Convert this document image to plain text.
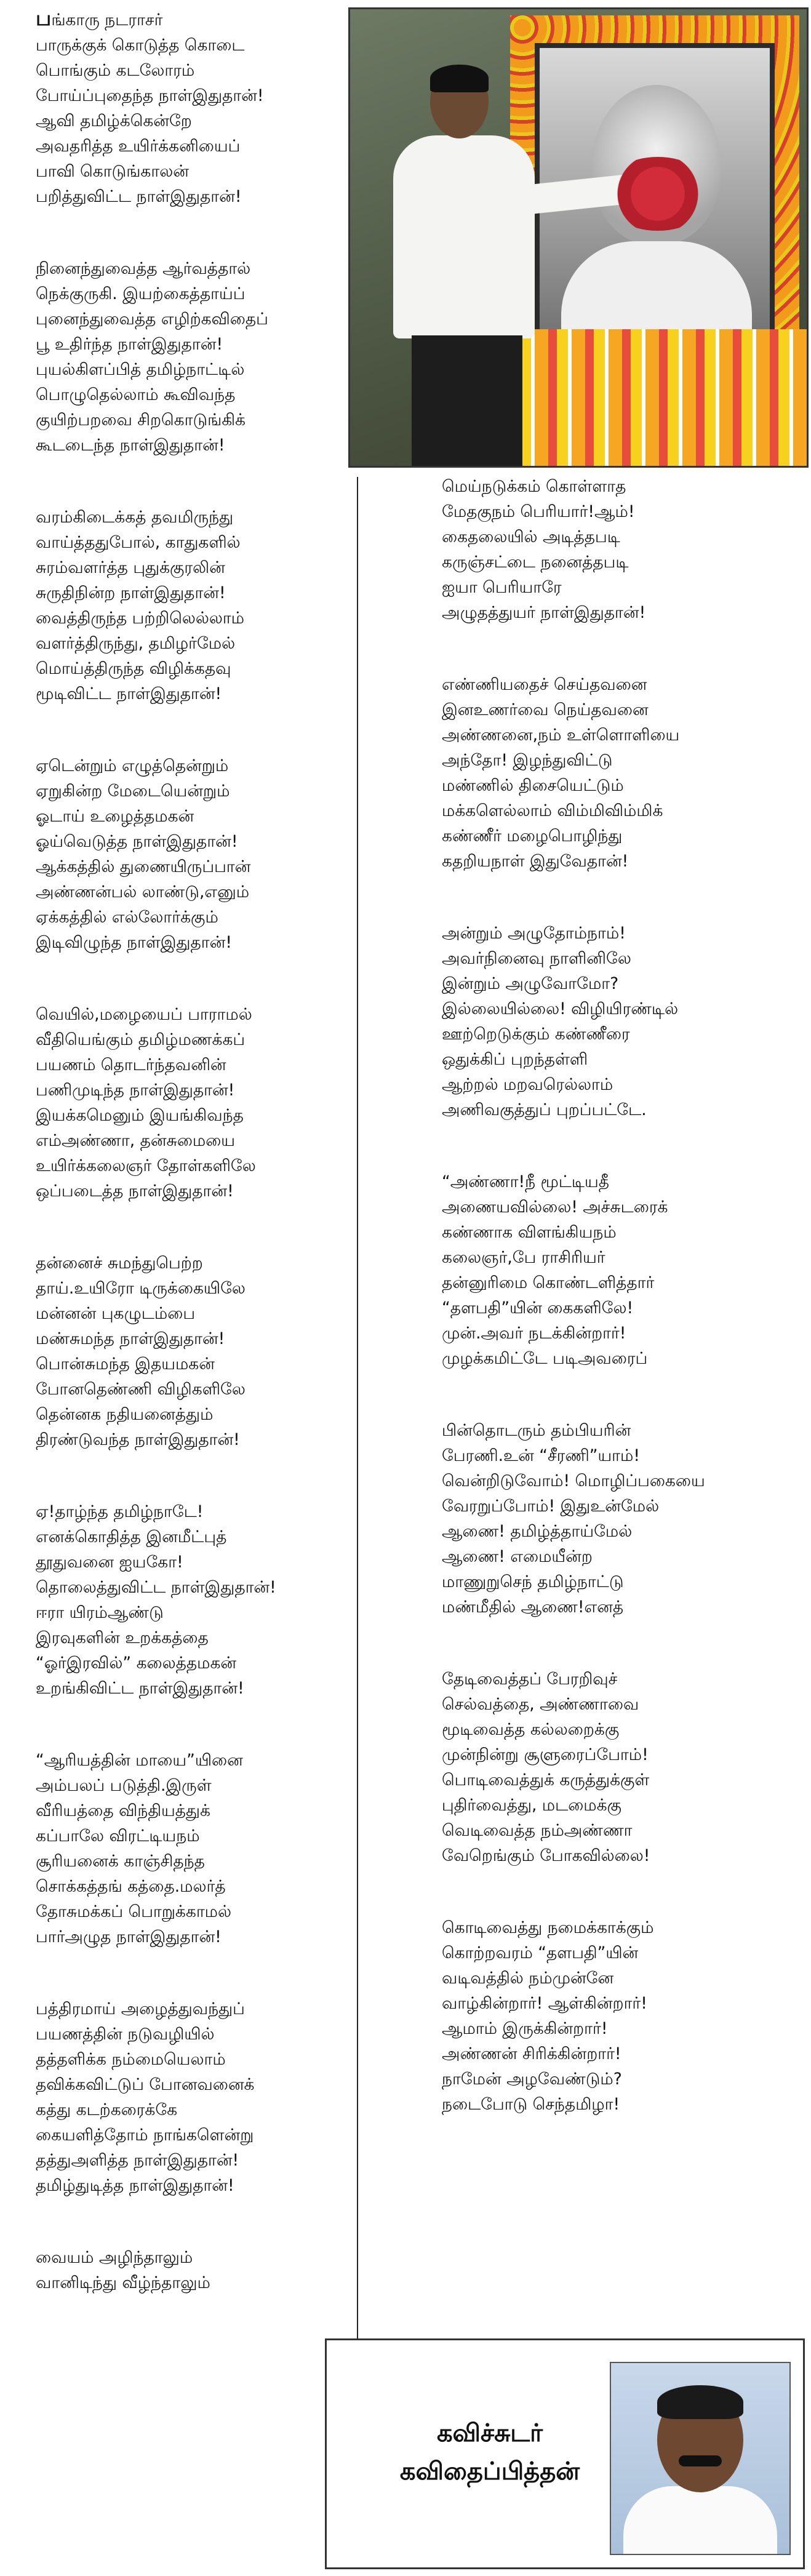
பங்காரு நடராசர்
பாருக்குக் கொடுத்த கொடை
பொங்கும் கடலோரம்
போய்ப்புதைந்த நாள்இதுதான்!
ஆவி தமிழ்க்கென்றே
அவதரித்த உயிர்க்கனியைப்
பாவி கொடுங்காலன்
பறித்துவிட்ட நாள்இதுதான்!
நினைந்துவைத்த ஆர்வத்தால்
நெக்குருகி. இயற்கைத்தாய்ப்
புனைந்துவைத்த எழிற்கவிதைப்
பூ உதிர்ந்த நாள்இதுதான்!
புயல்கிளப்பித் தமிழ்நாட்டில்
பொழுதெல்லாம் கூவிவந்த
குயிற்பறவை சிறகொடுங்கிக்
கூடடைந்த நாள்இதுதான்!
வரம்கிடைக்கத் தவமிருந்து
வாய்த்ததுபோல், காதுகளில்
சுரம்வளர்த்த புதுக்குரலின்
சுருதிநின்ற நாள்இதுதான்!
வைத்திருந்த பற்றிலெல்லாம்
வளர்த்திருந்து, தமிழர்மேல்
மொய்த்திருந்த விழிக்கதவு
மூடிவிட்ட நாள்இதுதான்!
ஏடென்றும் எழுத்தென்றும்
ஏறுகின்ற மேடையென்றும்
ஓடாய் உழைத்தமகன்
ஓய்வெடுத்த நாள்இதுதான்!
ஆக்கத்தில் துணையிருப்பான்
அண்ணன்பல் லாண்டு,எனும்
ஏக்கத்தில் எல்லோர்க்கும்
இடிவிழுந்த நாள்இதுதான்!
வெயில்,மழையைப் பாராமல்
வீதியெங்கும் தமிழ்மணக்கப்
பயணம் தொடர்ந்தவனின்
பணிமுடிந்த நாள்இதுதான்!
இயக்கமெனும் இயங்கிவந்த
எம்அண்ணா, தன்சுமையை
உயிர்க்கலைஞர் தோள்களிலே
ஒப்படைத்த நாள்இதுதான்!
தன்னைச் சுமந்துபெற்ற
தாய்.உயிரோ டிருக்கையிலே
மன்னன் புகழுடம்பை
மண்சுமந்த நாள்இதுதான்!
பொன்சுமந்த இதயமகன்
போனதெண்ணி விழிகளிலே
தென்னக நதியனைத்தும்
திரண்டுவந்த நாள்இதுதான்!
ஏ!தாழ்ந்த தமிழ்நாடே!
எனக்கொதித்த இனமீட்புத்
தூதுவனை ஐயகோ!
தொலைத்துவிட்ட நாள்இதுதான்!
ஈரா யிரம்ஆண்டு
இரவுகளின் உறக்கத்தை
“ஓர்இரவில்” கலைத்தமகன்
உறங்கிவிட்ட நாள்இதுதான்!
“ஆரியத்தின் மாயை”யினை
அம்பலப் படுத்தி.இருள்
வீரியத்தை விந்தியத்துக்
கப்பாலே விரட்டியநம்
சூரியனைக் காஞ்சிதந்த
சொக்கத்தங் கத்தை.மலர்த்
தோசுமக்கப் பொறுக்காமல்
பார்அழுத நாள்இதுதான்!
பத்திரமாய் அழைத்துவந்துப்
பயணத்தின் நடுவழியில்
தத்தளிக்க நம்மையெலாம்
தவிக்கவிட்டுப் போனவனைக்
கத்து கடற்கரைக்கே
கையளித்தோம் நாங்களென்று
தத்துஅளித்த நாள்இதுதான்!
தமிழ்துடித்த நாள்இதுதான்!
வையம் அழிந்தாலும்
வானிடிந்து வீழ்ந்தாலும்
மெய்நடுக்கம் கொள்ளாத
மேதகுநம் பெரியார்!ஆம்!
கைதலையில் அடித்தபடி
கருஞ்சட்டை நனைத்தபடி
ஐயா பெரியாரே
அழுதத்துயர் நாள்இதுதான்!
எண்ணியதைச் செய்தவனை
இனஉணர்வை நெய்தவனை
அண்ணனை,நம் உள்ளொளியை
அந்தோ! இழந்துவிட்டு
மண்ணில் திசையெட்டும்
மக்களெல்லாம் விம்மிவிம்மிக்
கண்ணீர் மழைபொழிந்து
கதறியநாள் இதுவேதான்!
அன்றும் அழுதோம்நாம்!
அவர்நினைவு நாளினிலே
இன்றும் அழுவோமோ?
இல்லையில்லை! விழியிரண்டில்
ஊற்றெடுக்கும் கண்ணீரை
ஒதுக்கிப் புறந்தள்ளி
ஆற்றல் மறவரெல்லாம்
அணிவகுத்துப் புறப்பட்டே.
“அண்ணா!நீ மூட்டியதீ
அணையவில்லை! அச்சுடரைக்
கண்ணாக விளங்கியநம்
கலைஞர்,பே ராசிரியர்
தன்னுரிமை கொண்டளித்தார்
“தளபதி”யின் கைகளிலே!
முன்.அவர் நடக்கின்றார்!
முழக்கமிட்டே படிஅவரைப்
பின்தொடரும் தம்பியரின்
பேரணி.உன் “சீரணி”யாம்!
வென்றிடுவோம்! மொழிப்பகையை
வேரறுப்போம்! இதுஉன்மேல்
ஆணை! தமிழ்த்தாய்மேல்
ஆணை! எமையீன்ற
மாணுறுசெந் தமிழ்நாட்டு
மண்மீதில் ஆணை!எனத்
தேடிவைத்தப் பேரறிவுச்
செல்வத்தை, அண்ணாவை
மூடிவைத்த கல்லறைக்கு
முன்நின்று சூளுரைப்போம்!
பொடிவைத்துக் கருத்துக்குள்
புதிர்வைத்து, மடமைக்கு
வெடிவைத்த நம்அண்ணா
வேறெங்கும் போகவில்லை!
கொடிவைத்து நமைக்காக்கும்
கொற்றவரம் “தளபதி”யின்
வடிவத்தில் நம்முன்னே
வாழ்கின்றார்! ஆள்கின்றார்!
ஆமாம் இருக்கின்றார்!
அண்ணன் சிரிக்கின்றார்!
நாமேன் அழவேண்டும்?
நடைபோடு செந்தமிழா!
கவிச்சுடர்
கவிதைப்பித்தன்
